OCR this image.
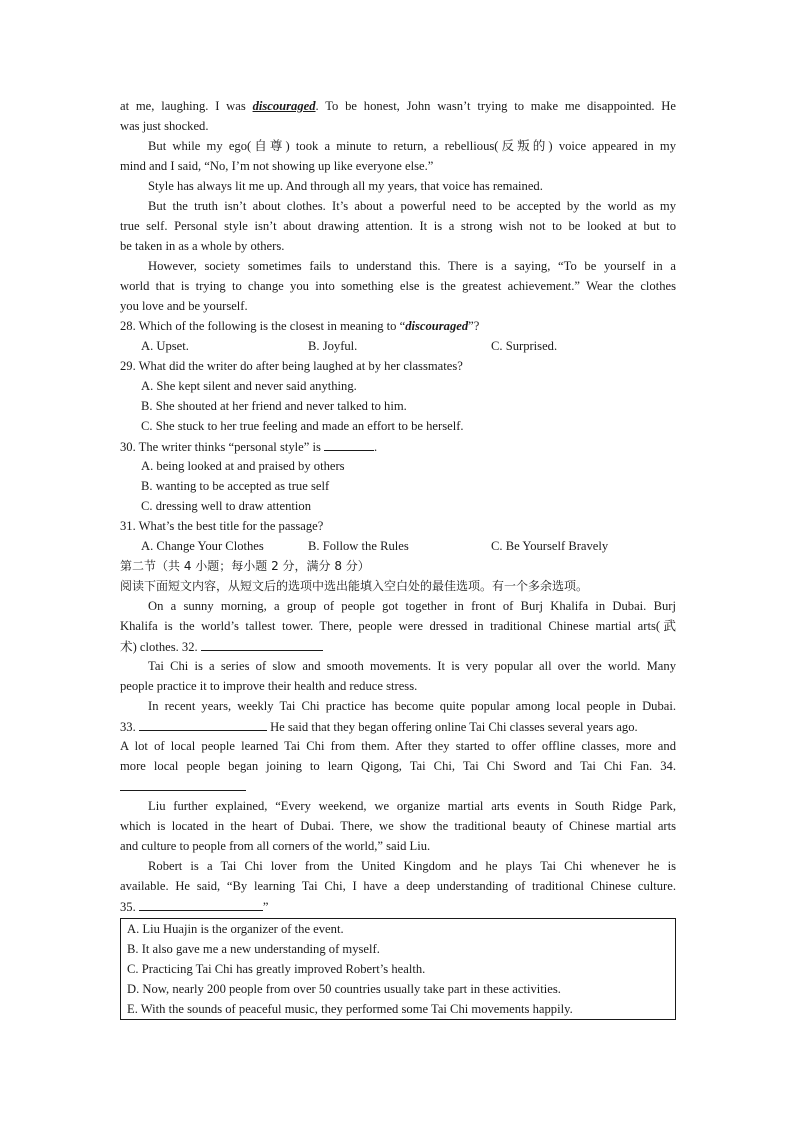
at me, laughing. I was discouraged. To be honest, John wasn’t trying to make me disappointed. He
was just shocked.
But while my ego(自尊) took a minute to return, a rebellious(反叛的) voice appeared in my
mind and I said, “No, I’m not showing up like everyone else.”
Style has always lit me up. And through all my years, that voice has remained.
But the truth isn’t about clothes. It’s about a powerful need to be accepted by the world as my
true self. Personal style isn’t about drawing attention. It is a strong wish not to be looked at but to
be taken in as a whole by others.
However, society sometimes fails to understand this. There is a saying, “To be yourself in a
world that is trying to change you into something else is the greatest achievement.” Wear the clothes
you love and be yourself.
28. Which of the following is the closest in meaning to “discouraged”?
A. Upset.	B. Joyful.	C. Surprised.
29. What did the writer do after being laughed at by her classmates?
A. She kept silent and never said anything.
B. She shouted at her friend and never talked to him.
C. She stuck to her true feeling and made an effort to be herself.
30. The writer thinks “personal style” is	.
A. being looked at and praised by others
B. wanting to be accepted as true self
C. dressing well to draw attention
31. What’s the best title for the passage?
A. Change Your Clothes	B. Follow the Rules	C. Be Yourself Bravely
第二节（共 4 小题；每小题 2 分，满分 8 分）
阅读下面短文内容，从短文后的选项中选出能填入空白处的最佳选项。有一个多余选项。
On a sunny morning, a group of people got together in front of Burj Khalifa in Dubai. Burj
Khalifa is the world’s tallest tower. There, people were dressed in traditional Chinese martial arts(武
术) clothes. 32.
Tai Chi is a series of slow and smooth movements. It is very popular all over the world. Many
people practice it to improve their health and reduce stress.
In recent years, weekly Tai Chi practice has become quite popular among local people in Dubai.
33.	He said that they began offering online Tai Chi classes several years ago.
A lot of local people learned Tai Chi from them. After they started to offer offline classes, more and
more local people began joining to learn Qigong, Tai Chi, Tai Chi Sword and Tai Chi Fan. 34.
Liu further explained, “Every weekend, we organize martial arts events in South Ridge Park,
which is located in the heart of Dubai. There, we show the traditional beauty of Chinese martial arts
and culture to people from all corners of the world,” said Liu.
Robert is a Tai Chi lover from the United Kingdom and he plays Tai Chi whenever he is
available. He said, “By learning Tai Chi, I have a deep understanding of traditional Chinese culture.
35.	”
A. Liu Huajin is the organizer of the event.
B. It also gave me a new understanding of myself.
C. Practicing Tai Chi has greatly improved Robert’s health.
D. Now, nearly 200 people from over 50 countries usually take part in these activities.
E. With the sounds of peaceful music, they performed some Tai Chi movements happily.
